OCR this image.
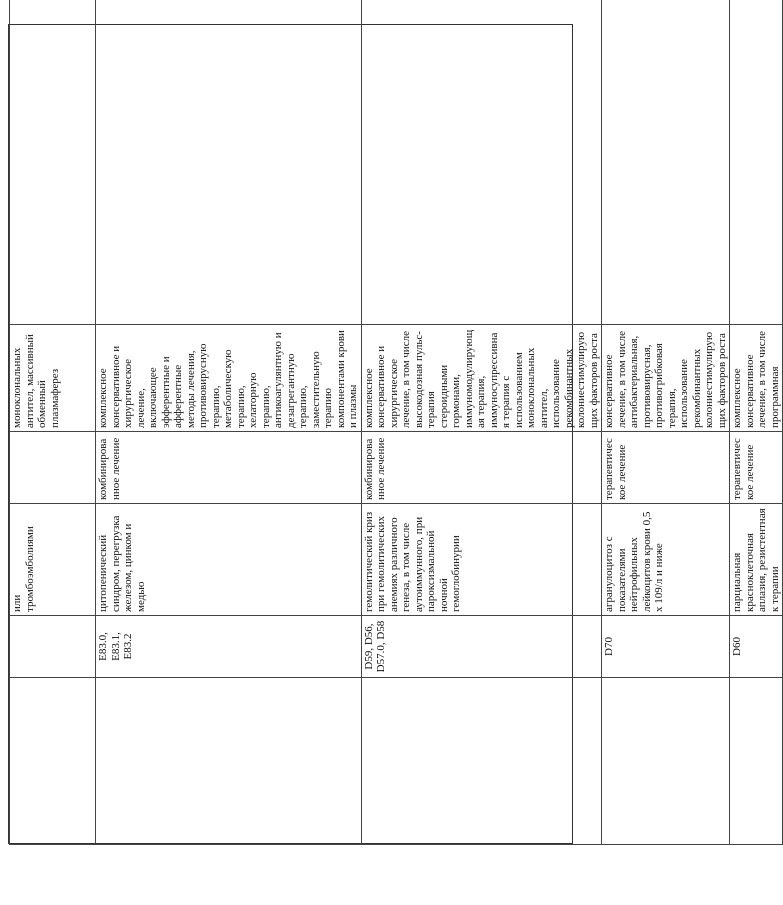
		или тромбоэмболиями		моноклональных антител, массивный обменный плазмаферез	
	E83.0, E83.1, E83.2	цитопенический синдром, перегрузка железом, цинком и медью	комбинированное лечение	комплексное консервативное и хирургическое лечение, включающее эфферентные и афферентные методы лечения, противовирусную терапию, метаболическую терапию, хелаторную терапию, антикоагулянтную и дезагрегантную терапию, заместительную терапию компонентами крови и плазмы	
	D59, D56, D57.0, D58	гемолитический криз при гемолитических анемиях различного генеза, в том числе аутоиммунного, при пароксизмальной ночной гемоглобинурии	комбинированное лечение	комплексное консервативное и хирургическое лечение, в том числе высокодозная пульс-терапия стероидными гормонами, иммуномодулирующая терапия, иммуносупрессивная терапия с использованием моноклональных антител, использование рекомбинантных колониестимулирующих факторов роста	
	D70	агранулоцитоз с показателями нейтрофильных лейкоцитов крови 0,5 x 109/л и ниже	терапевтическое лечение	консервативное лечение, в том числе антибактериальная, противовирусная, противогрибковая терапия, использование рекомбинантных колониестимулирующих факторов роста	
	D60	парциальная красноклеточная аплазия, резистентная к терапии	терапевтическое лечение	комплексное консервативное лечение, в том числе программная	
